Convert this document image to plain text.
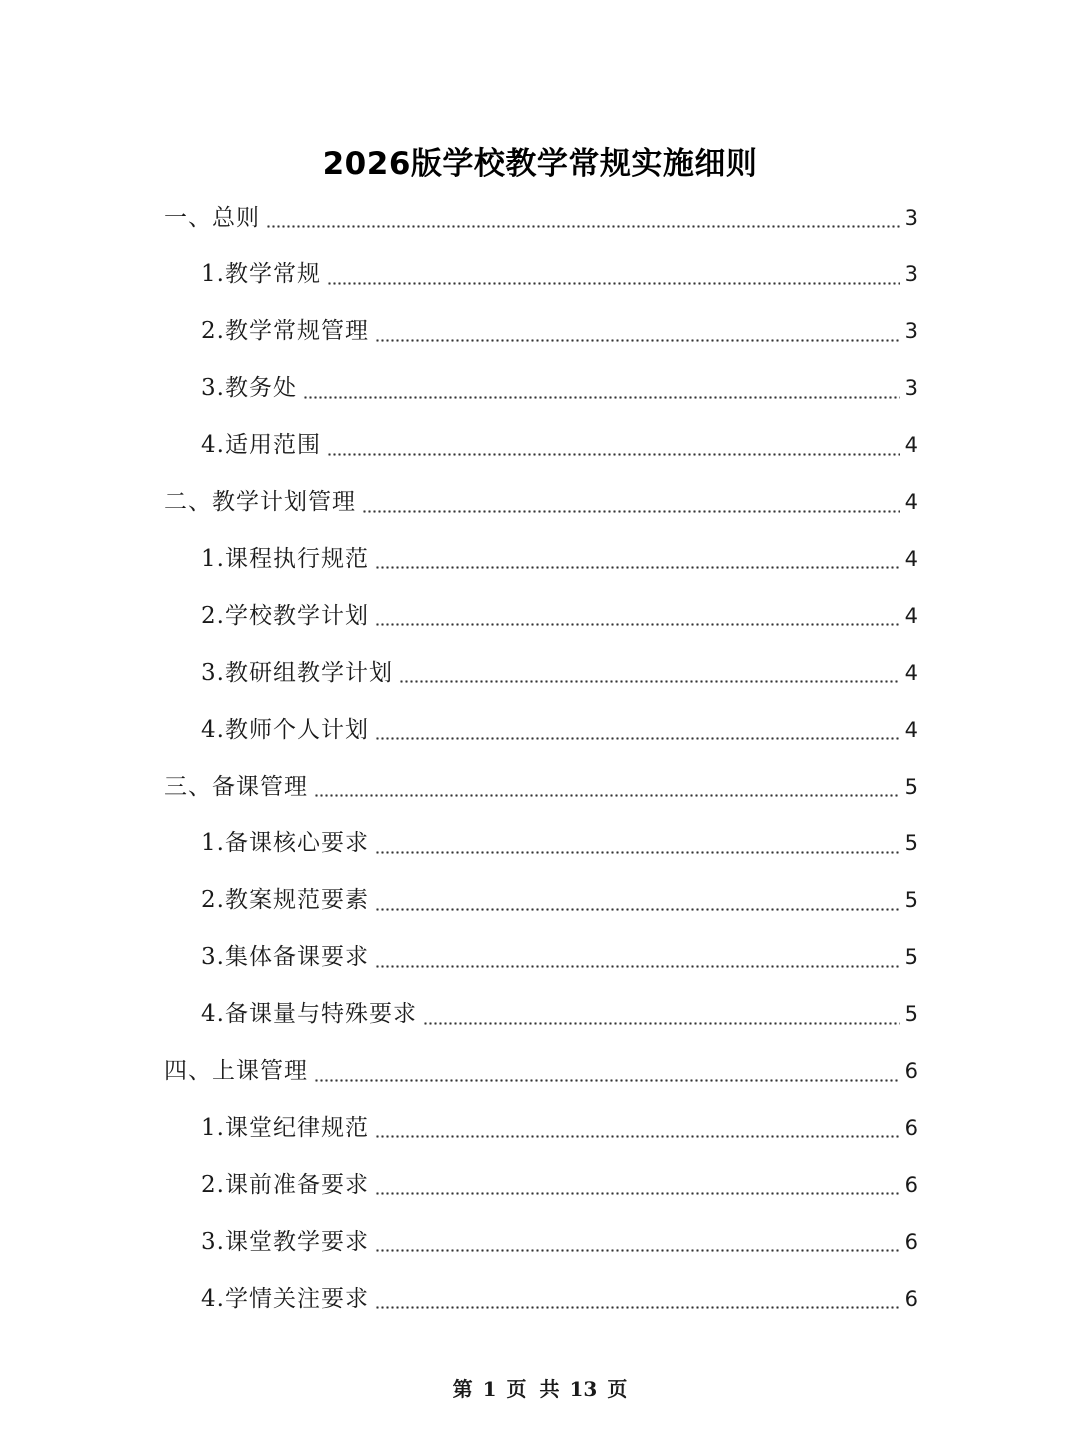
2026版学校教学常规实施细则
一、总则	3
1.教学常规	3
2.教学常规管理	3
3.教务处	3
4.适用范围	4
二、教学计划管理	4
1.课程执行规范	4
2.学校教学计划	4
3.教研组教学计划	4
4.教师个人计划	4
三、备课管理	5
1.备课核心要求	5
2.教案规范要素	5
3.集体备课要求	5
4.备课量与特殊要求	5
四、上课管理	6
1.课堂纪律规范	6
2.课前准备要求	6
3.课堂教学要求	6
4.学情关注要求	6
第 1 页 共 13 页
